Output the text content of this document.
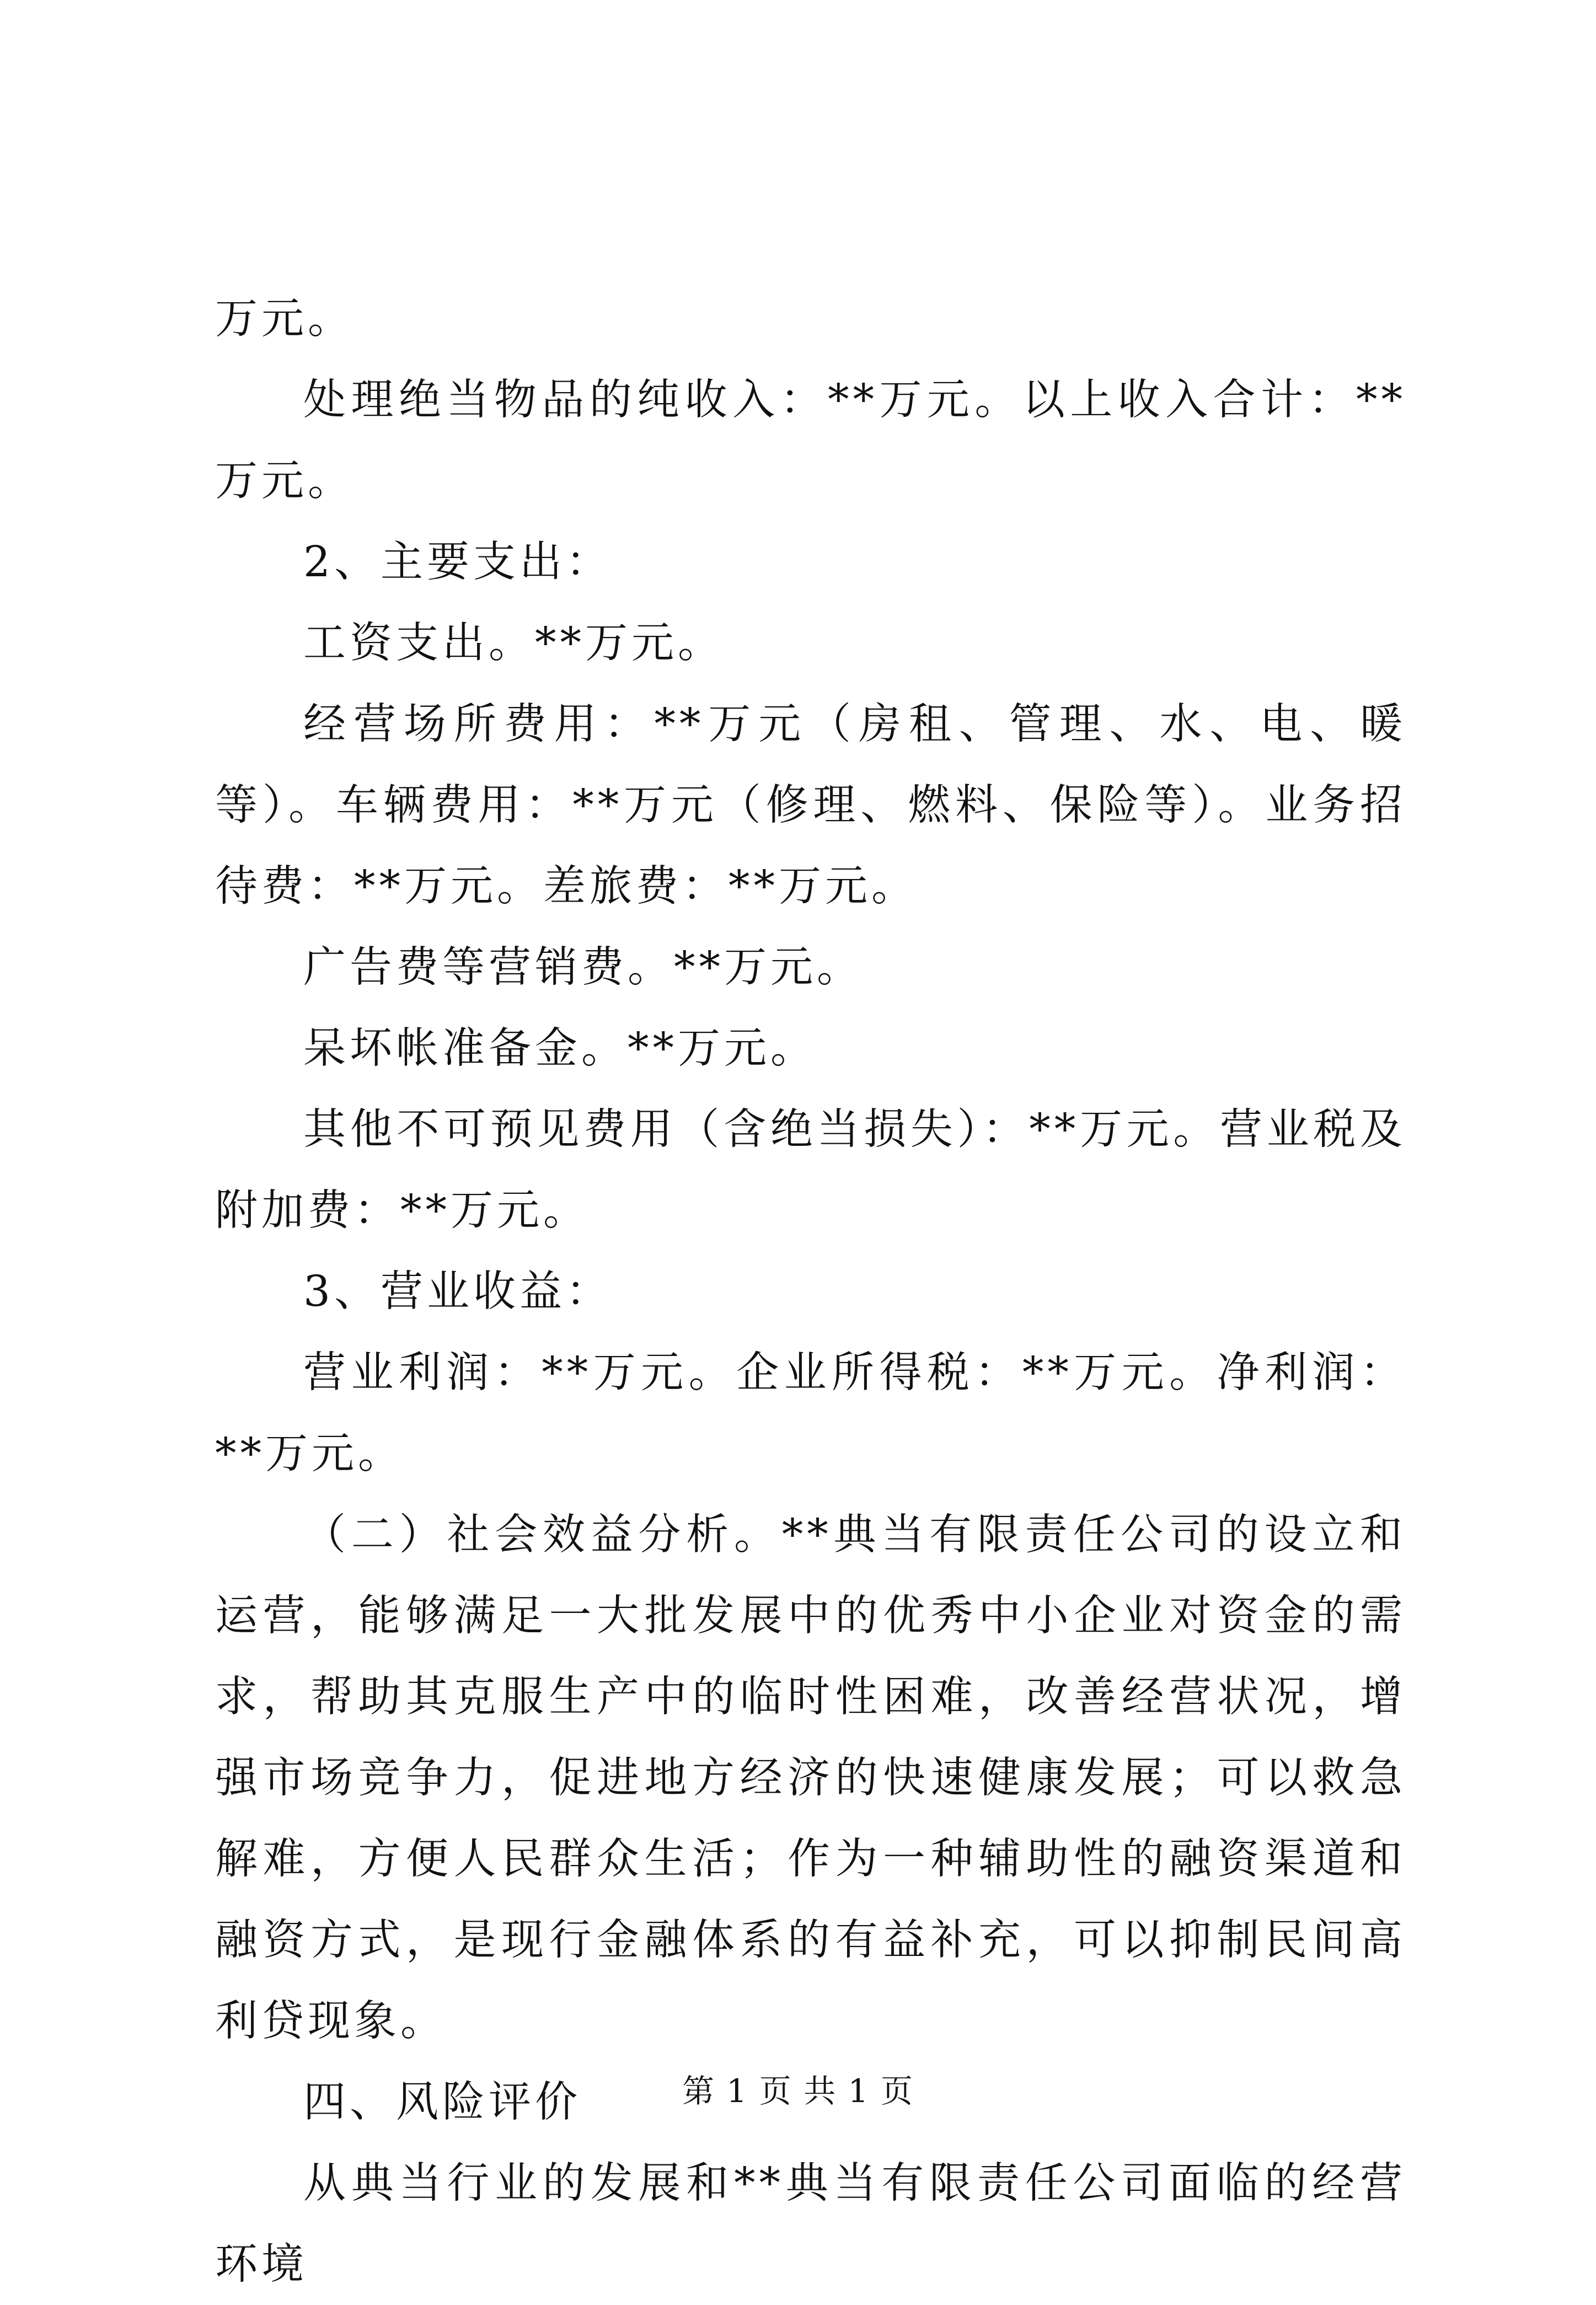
万元。

处理绝当物品的纯收入：**万元。以上收入合计：**万元。

2、主要支出：

工资支出。**万元。

经营场所费用：**万元（房租、管理、水、电、暖等）。车辆费用：**万元（修理、燃料、保险等）。业务招待费：**万元。差旅费：**万元。

广告费等营销费。**万元。

呆坏帐准备金。**万元。

其他不可预见费用（含绝当损失）：**万元。营业税及附加费：**万元。

3、营业收益：

营业利润：**万元。企业所得税：**万元。净利润：**万元。

（二）社会效益分析。**典当有限责任公司的设立和运营，能够满足一大批发展中的优秀中小企业对资金的需求，帮助其克服生产中的临时性困难，改善经营状况，增强市场竞争力，促进地方经济的快速健康发展；可以救急解难，方便人民群众生活；作为一种辅助性的融资渠道和融资方式，是现行金融体系的有益补充，可以抑制民间高利贷现象。

四、风险评价

从典当行业的发展和**典当有限责任公司面临的经营环境

第 1 页 共 1 页
